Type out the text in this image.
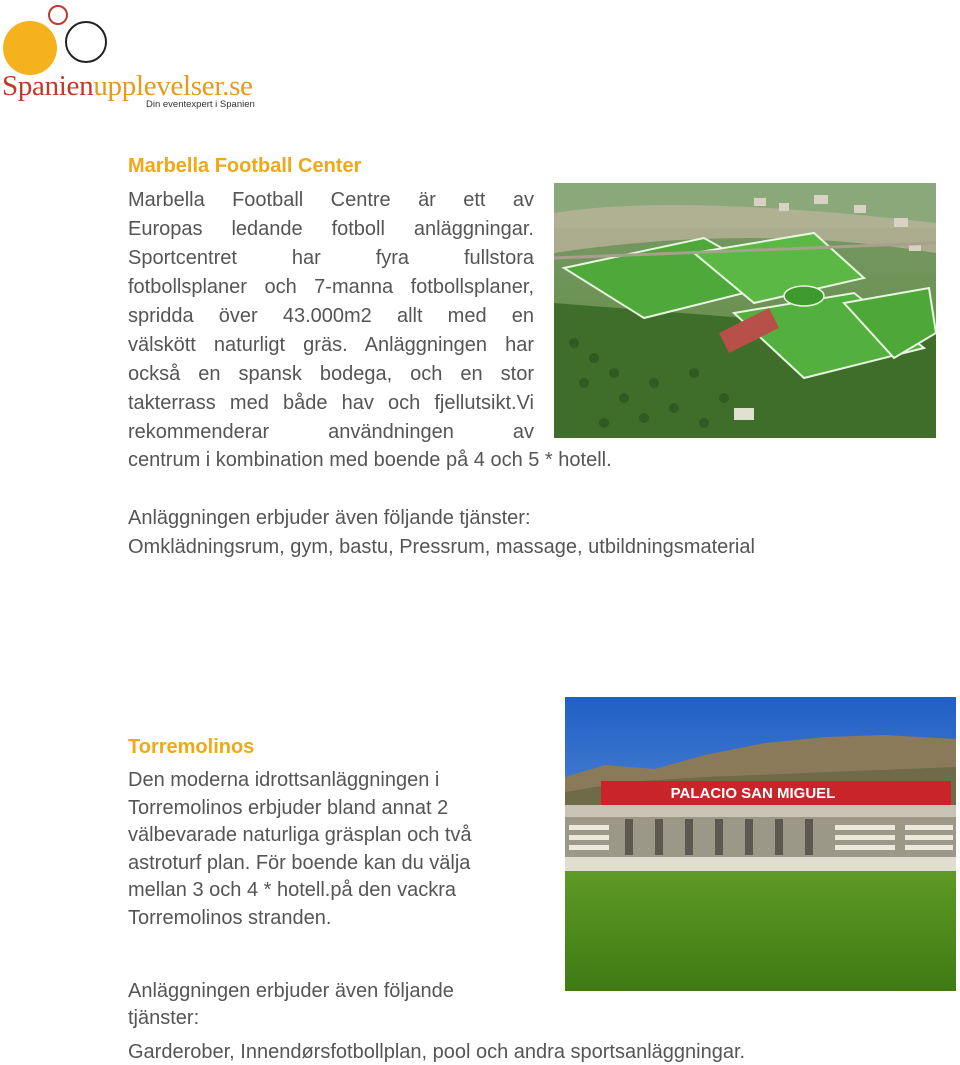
Spanienupplevelser.se
Din eventexpert i Spanien
Marbella Football Center
Marbella Football Centre är ett av
Europas ledande fotboll anläggningar.
Sportcentret har fyra fullstora
fotbollsplaner och 7-manna fotbollsplaner,
spridda över 43.000m2 allt med en
välskött naturligt gräs. Anläggningen har
också en spansk bodega, och en stor
takterrass med både hav och fjellutsikt.Vi
rekommenderar användningen av
centrum i kombination med boende på 4 och 5 * hotell.
Anläggningen erbjuder även följande tjänster:
Omklädningsrum, gym, bastu, Pressrum, massage, utbildningsmaterial
Torremolinos
Den moderna idrottsanläggningen i
Torremolinos erbjuder bland annat 2
välbevarade naturliga gräsplan och två
astroturf plan. För boende kan du välja
mellan 3 och 4 * hotell.på den vackra
Torremolinos stranden.
PALACIO SAN MIGUEL
Anläggningen erbjuder även följande
tjänster:
Garderober, Innendørsfotbollplan, pool och andra sportsanläggningar.
